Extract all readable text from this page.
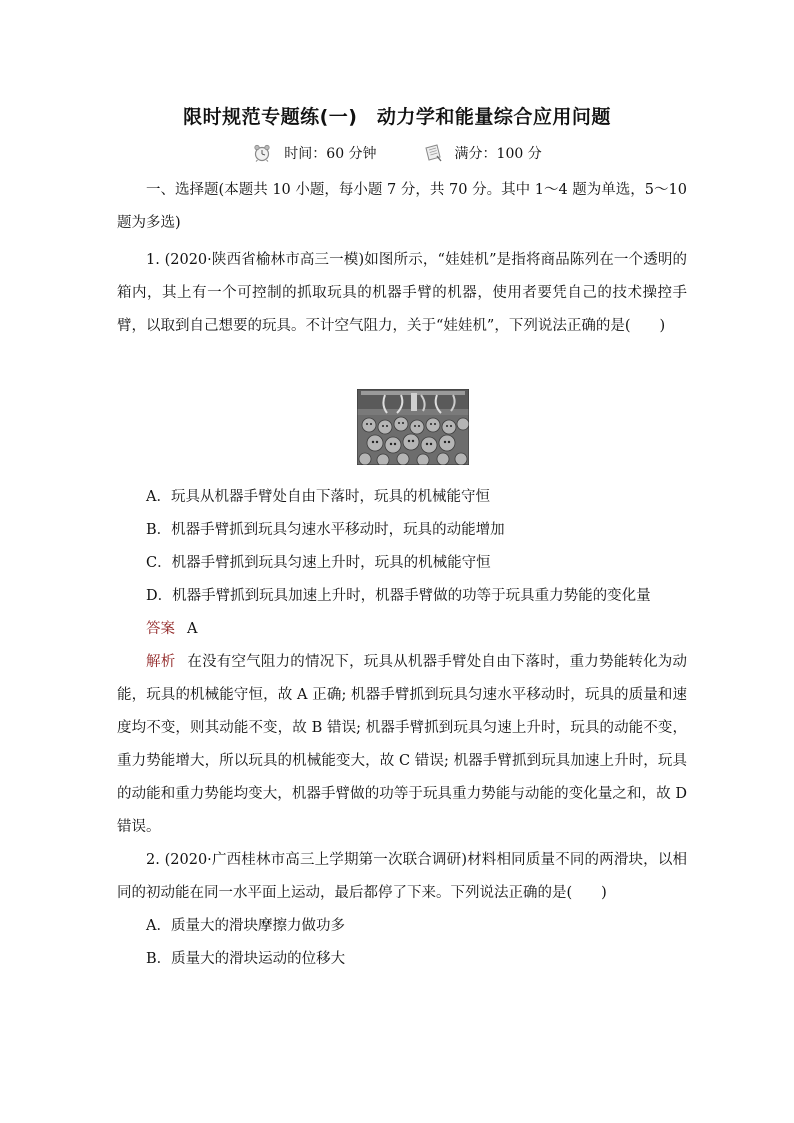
限时规范专题练(一)　动力学和能量综合应用问题
时间：60 分钟	满分：100 分

一、选择题(本题共 10 小题，每小题 7 分，共 70 分。其中 1～4 题为单选，5～10 题为多选)

1. (2020·陕西省榆林市高三一模)如图所示，“娃娃机”是指将商品陈列在一个透明的箱内，其上有一个可控制的抓取玩具的机器手臂的机器，使用者要凭自己的技术操控手臂，以取到自己想要的玩具。不计空气阻力，关于“娃娃机”，下列说法正确的是(　　)

A．玩具从机器手臂处自由下落时，玩具的机械能守恒

B．机器手臂抓到玩具匀速水平移动时，玩具的动能增加

C．机器手臂抓到玩具匀速上升时，玩具的机械能守恒

D．机器手臂抓到玩具加速上升时，机器手臂做的功等于玩具重力势能的变化量

答案 A

解析 在没有空气阻力的情况下，玩具从机器手臂处自由下落时，重力势能转化为动能，玩具的机械能守恒，故 A 正确; 机器手臂抓到玩具匀速水平移动时，玩具的质量和速度均不变，则其动能不变，故 B 错误; 机器手臂抓到玩具匀速上升时，玩具的动能不变，重力势能增大，所以玩具的机械能变大，故 C 错误; 机器手臂抓到玩具加速上升时，玩具的动能和重力势能均变大，机器手臂做的功等于玩具重力势能与动能的变化量之和，故 D 错误。

2. (2020·广西桂林市高三上学期第一次联合调研)材料相同质量不同的两滑块，以相同的初动能在同一水平面上运动，最后都停了下来。下列说法正确的是(　　)

A．质量大的滑块摩擦力做功多

B．质量大的滑块运动的位移大
